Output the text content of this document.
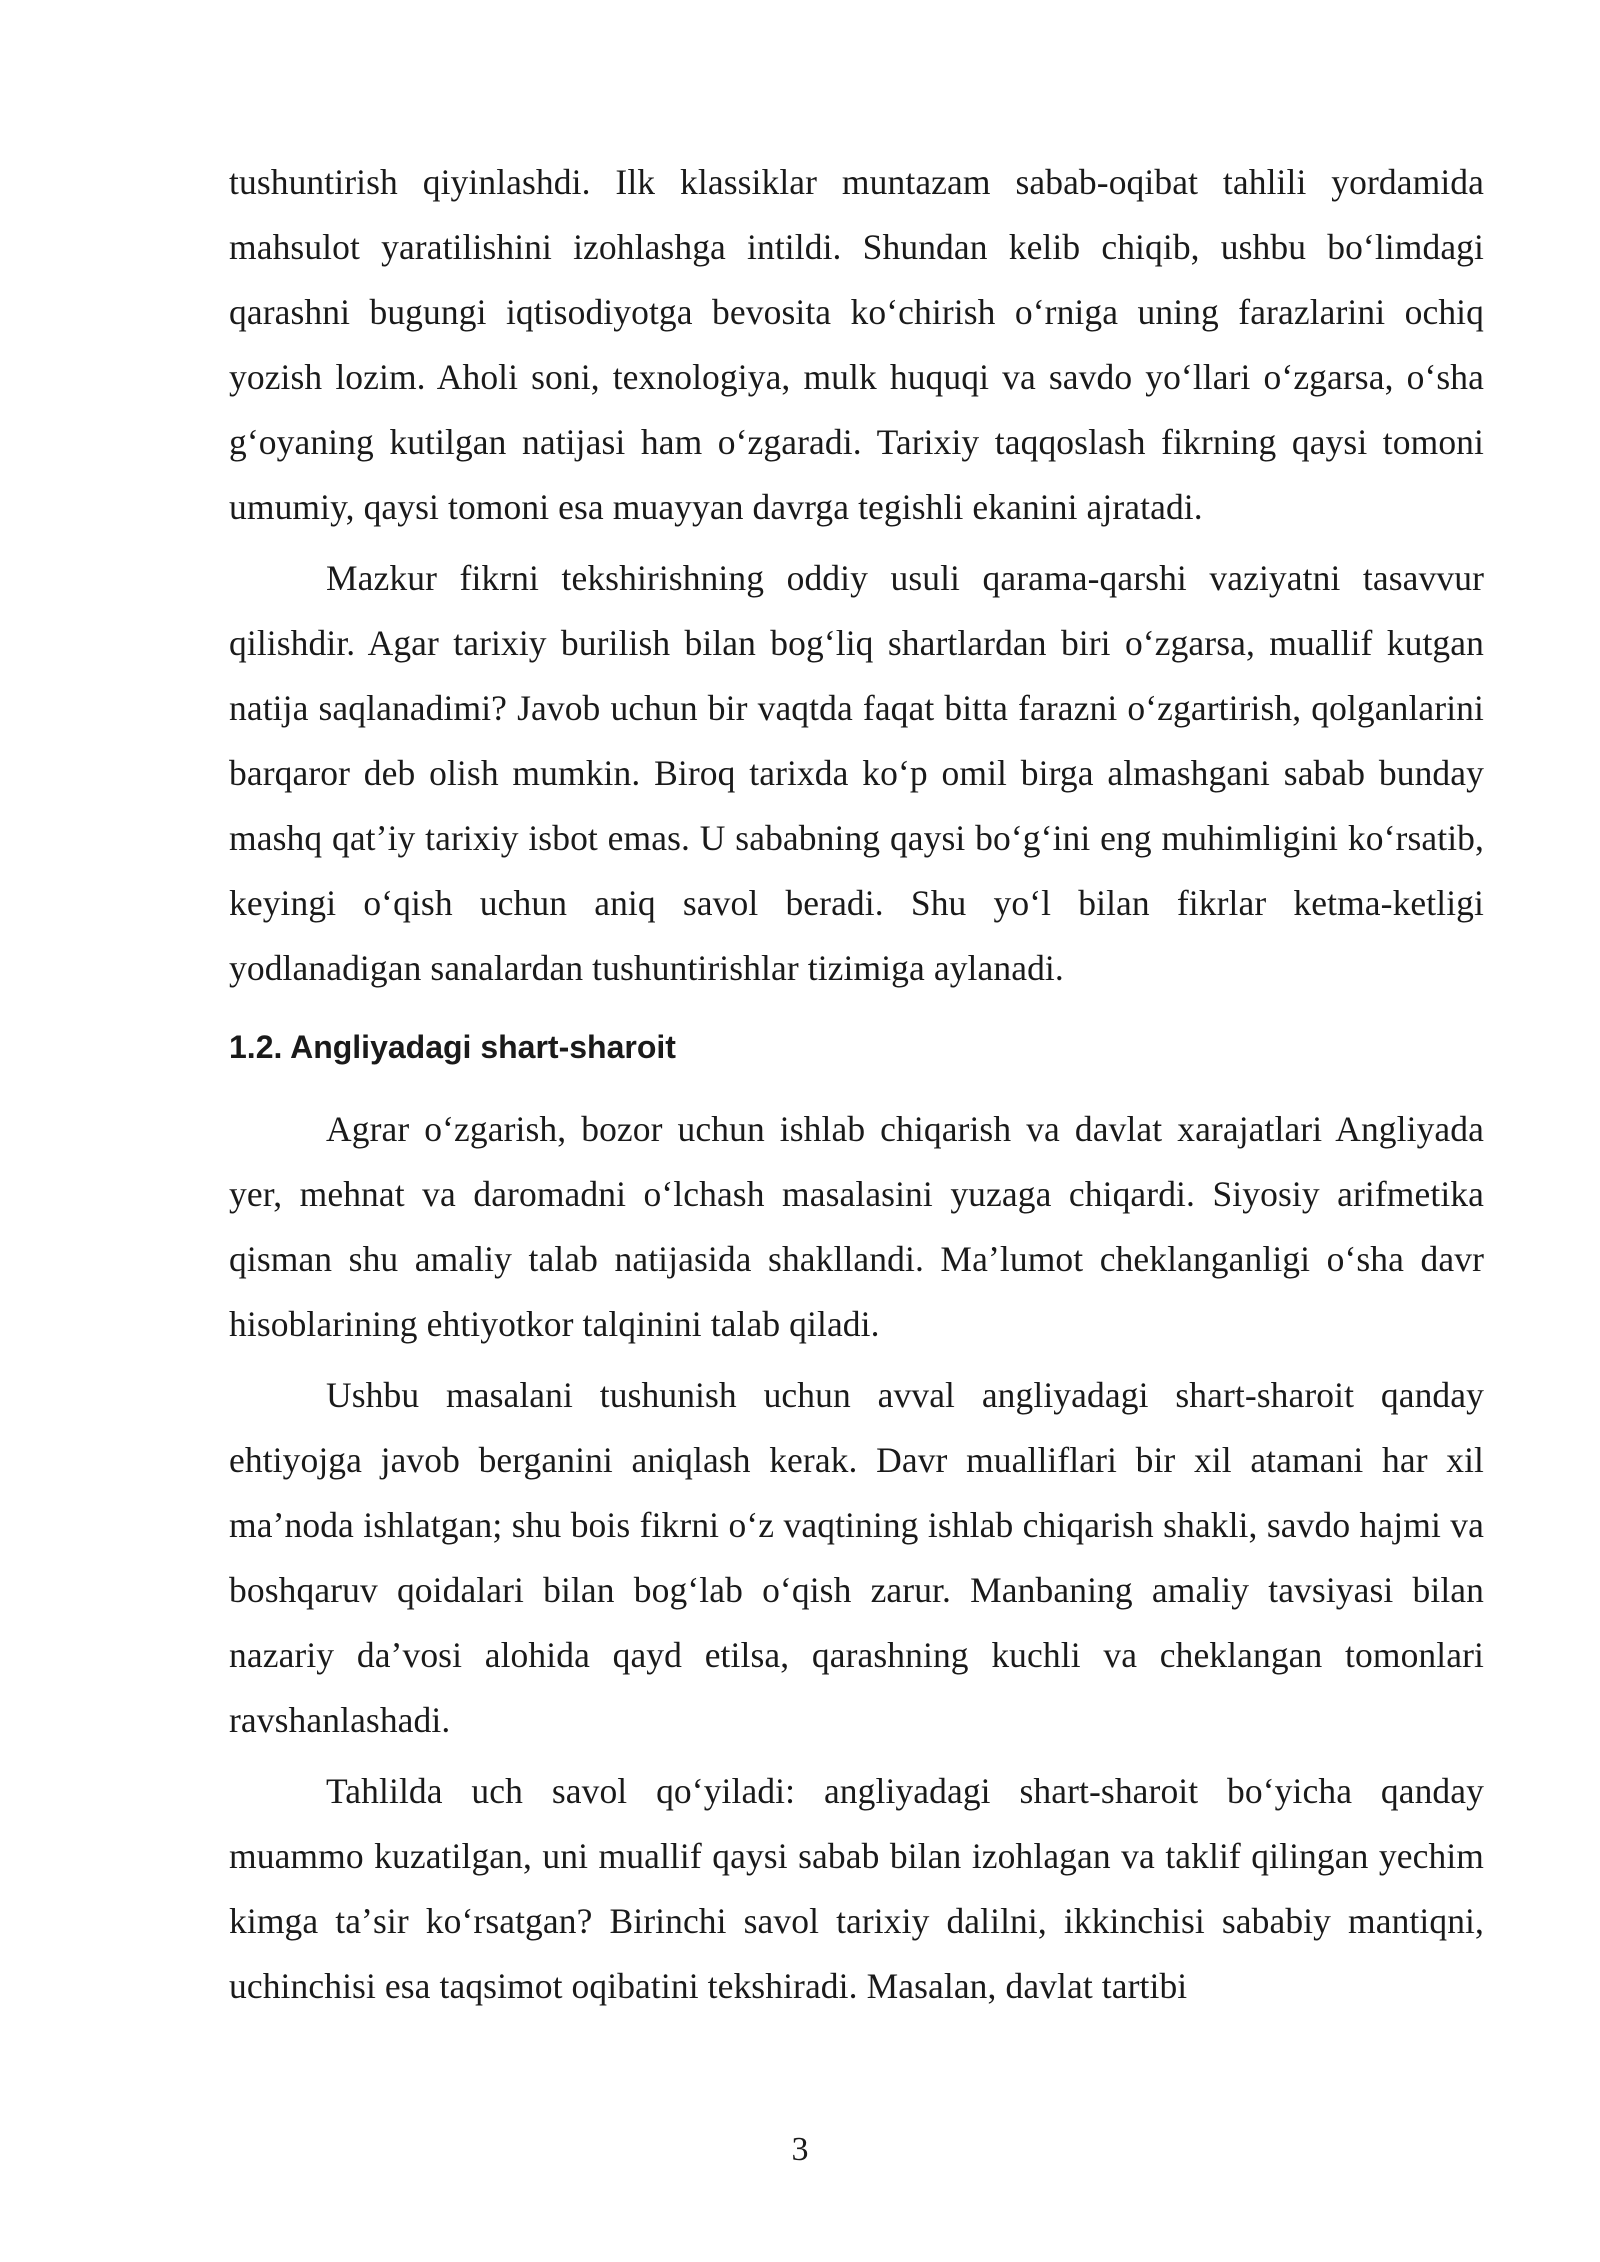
tushuntirish qiyinlashdi. Ilk klassiklar muntazam sabab-oqibat tahlili yordamida mahsulot yaratilishini izohlashga intildi. Shundan kelib chiqib, ushbu boʻlimdagi qarashni bugungi iqtisodiyotga bevosita koʻchirish oʻrniga uning farazlarini ochiq yozish lozim. Aholi soni, texnologiya, mulk huquqi va savdo yoʻllari oʻzgarsa, oʻsha gʻoyaning kutilgan natijasi ham oʻzgaradi. Tarixiy taqqoslash fikrning qaysi tomoni umumiy, qaysi tomoni esa muayyan davrga tegishli ekanini ajratadi.

Mazkur fikrni tekshirishning oddiy usuli qarama-qarshi vaziyatni tasavvur qilishdir. Agar tarixiy burilish bilan bogʻliq shartlardan biri oʻzgarsa, muallif kutgan natija saqlanadimi? Javob uchun bir vaqtda faqat bitta farazni oʻzgartirish, qolganlarini barqaror deb olish mumkin. Biroq tarixda koʻp omil birga almashgani sabab bunday mashq qatʼiy tarixiy isbot emas. U sababning qaysi boʻgʻini eng muhimligini koʻrsatib, keyingi oʻqish uchun aniq savol beradi. Shu yoʻl bilan fikrlar ketma-ketligi yodlanadigan sanalardan tushuntirishlar tizimiga aylanadi.

1.2. Angliyadagi shart-sharoit

Agrar oʻzgarish, bozor uchun ishlab chiqarish va davlat xarajatlari Angliyada yer, mehnat va daromadni oʻlchash masalasini yuzaga chiqardi. Siyosiy arifmetika qisman shu amaliy talab natijasida shakllandi. Maʼlumot cheklanganligi oʻsha davr hisoblarining ehtiyotkor talqinini talab qiladi.

Ushbu masalani tushunish uchun avval angliyadagi shart-sharoit qanday ehtiyojga javob berganini aniqlash kerak. Davr mualliflari bir xil atamani har xil maʼnoda ishlatgan; shu bois fikrni oʻz vaqtining ishlab chiqarish shakli, savdo hajmi va boshqaruv qoidalari bilan bogʻlab oʻqish zarur. Manbaning amaliy tavsiyasi bilan nazariy daʼvosi alohida qayd etilsa, qarashning kuchli va cheklangan tomonlari ravshanlashadi.

Tahlilda uch savol qoʻyiladi: angliyadagi shart-sharoit boʻyicha qanday muammo kuzatilgan, uni muallif qaysi sabab bilan izohlagan va taklif qilingan yechim kimga taʼsir koʻrsatgan? Birinchi savol tarixiy dalilni, ikkinchisi sababiy mantiqni, uchinchisi esa taqsimot oqibatini tekshiradi. Masalan, davlat tartibi

3
